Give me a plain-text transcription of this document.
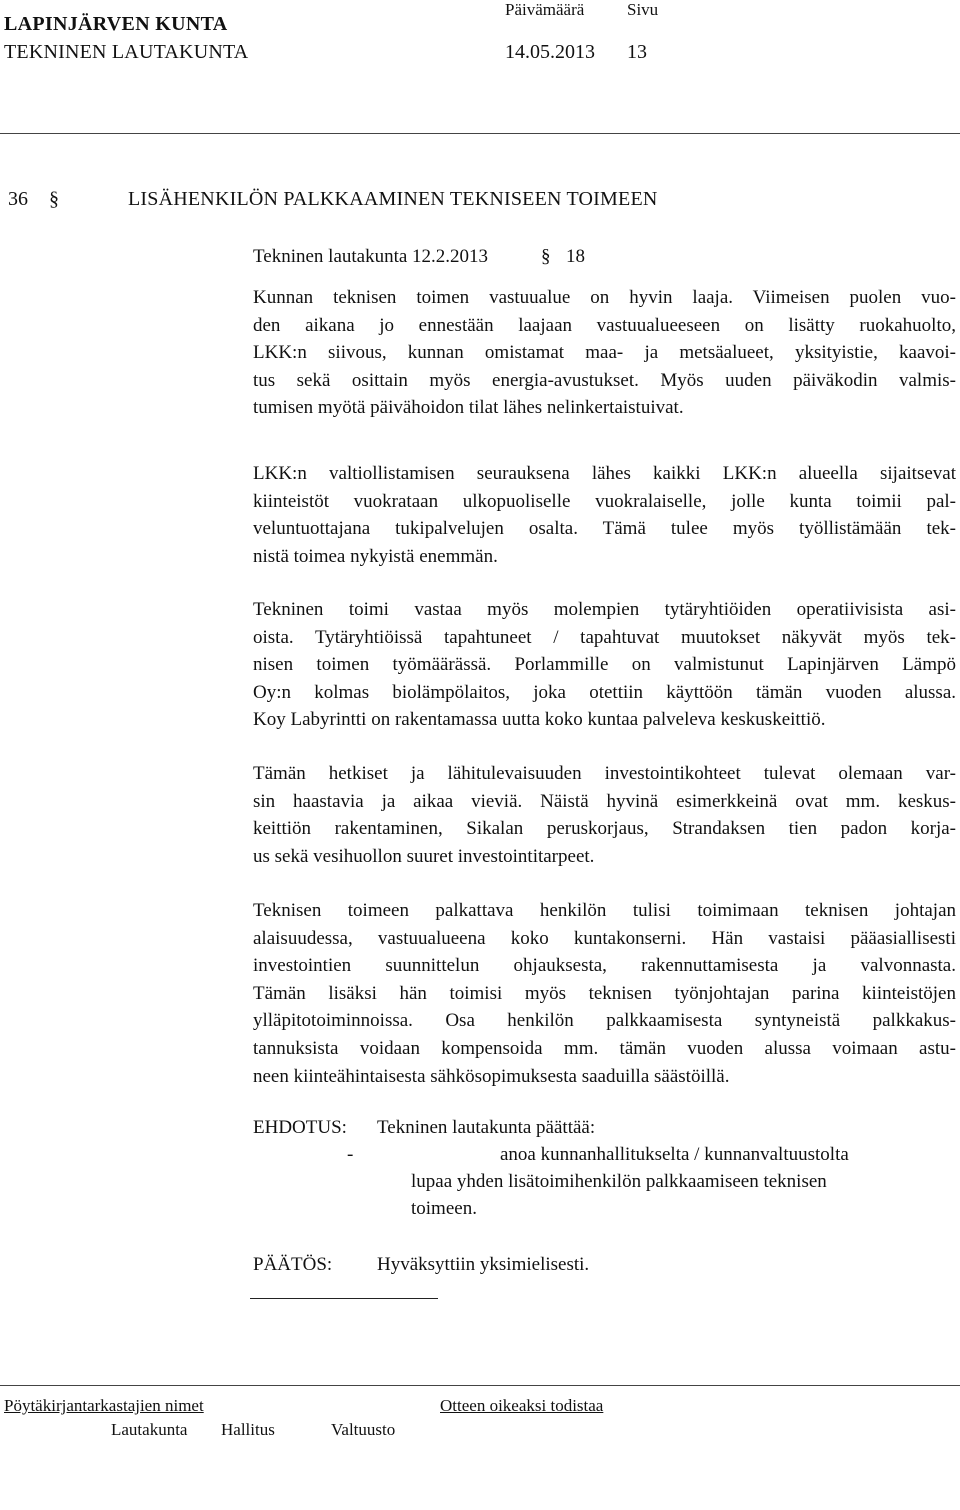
LAPINJÄRVEN KUNTA
Päivämäärä	Sivu
TEKNINEN LAUTAKUNTA	14.05.2013 13
36 §	LISÄHENKILÖN PALKKAAMINEN TEKNISEEN TOIMEEN
Tekninen lautakunta 12.2.2013	§ 18
Kunnan teknisen toimen vastuualue on hyvin laaja. Viimeisen puolen vuo-
den aikana jo ennestään laajaan vastuualueeseen on lisätty ruokahuolto,
LKK:n siivous, kunnan omistamat maa- ja metsäalueet, yksityistie, kaavoi-
tus sekä osittain myös energia-avustukset. Myös uuden päiväkodin valmis-
tumisen myötä päivähoidon tilat lähes nelinkertaistuivat.
LKK:n valtiollistamisen seurauksena lähes kaikki LKK:n alueella sijaitsevat
kiinteistöt vuokrataan ulkopuoliselle vuokralaiselle, jolle kunta toimii pal-
veluntuottajana tukipalvelujen osalta. Tämä tulee myös työllistämään tek-
nistä toimea nykyistä enemmän.
Tekninen toimi vastaa myös molempien tytäryhtiöiden operatiivisista asi-
oista. Tytäryhtiöissä tapahtuneet / tapahtuvat muutokset näkyvät myös tek-
nisen toimen työmäärässä. Porlammille on valmistunut Lapinjärven Lämpö
Oy:n kolmas biolämpölaitos, joka otettiin käyttöön tämän vuoden alussa.
Koy Labyrintti on rakentamassa uutta koko kuntaa palveleva keskuskeittiö.
Tämän hetkiset ja lähitulevaisuuden investointikohteet tulevat olemaan var-
sin haastavia ja aikaa vieviä. Näistä hyvinä esimerkkeinä ovat mm. keskus-
keittiön rakentaminen, Sikalan peruskorjaus, Strandaksen tien padon korja-
us sekä vesihuollon suuret investointitarpeet.
Teknisen toimeen palkattava henkilön tulisi toimimaan teknisen johtajan
alaisuudessa, vastuualueena koko kuntakonserni. Hän vastaisi pääasiallisesti
investointien suunnittelun ohjauksesta, rakennuttamisesta ja valvonnasta.
Tämän lisäksi hän toimisi myös teknisen työnjohtajan parina kiinteistöjen
ylläpitotoiminnoissa. Osa henkilön palkkaamisesta syntyneistä palkkakus-
tannuksista voidaan kompensoida mm. tämän vuoden alussa voimaan astu-
neen kiinteähintaisesta sähkösopimuksesta saaduilla säästöillä.
EHDOTUS: Tekninen lautakunta päättää:
-	anoa kunnanhallitukselta / kunnanvaltuustolta
lupaa yhden lisätoimihenkilön palkkaamiseen teknisen
toimeen.
PÄÄTÖS: Hyväksyttiin yksimielisesti.
Pöytäkirjantarkastajien nimet	Otteen oikeaksi todistaa
Lautakunta Hallitus	Valtuusto
